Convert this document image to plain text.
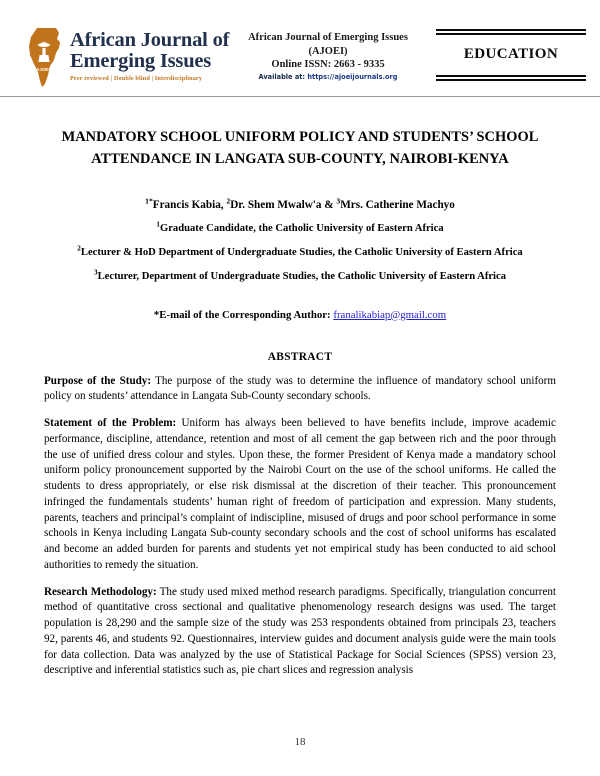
AJOEI
African Journal of
Emerging Issues
Peer reviewed | Double blind | Interdisciplinary
African Journal of Emerging Issues
(AJOEI)
Online ISSN: 2663 - 9335
Available at: https://ajoeijournals.org
EDUCATION
MANDATORY SCHOOL UNIFORM POLICY AND STUDENTS’ SCHOOL ATTENDANCE IN LANGATA SUB-COUNTY, NAIROBI-KENYA
$^{1*}$Francis Kabia, $^2$Dr. Shem Mwalw'a & $^3$Mrs. Catherine Machyo
$^1$Graduate Candidate, the Catholic University of Eastern Africa
$^2$Lecturer & HoD Department of Undergraduate Studies, the Catholic University of Eastern Africa
$^3$Lecturer, Department of Undergraduate Studies, the Catholic University of Eastern Africa
*E-mail of the Corresponding Author: franalikabiap@gmail.com
ABSTRACT
Purpose of the Study: The purpose of the study was to determine the influence of mandatory school uniform policy on students’ attendance in Langata Sub-County secondary schools.
Statement of the Problem: Uniform has always been believed to have benefits include, improve academic performance, discipline, attendance, retention and most of all cement the gap between rich and the poor through the use of unified dress colour and styles. Upon these, the former President of Kenya made a mandatory school uniform policy pronouncement supported by the Nairobi Court on the use of the school uniforms. He called the students to dress appropriately, or else risk dismissal at the discretion of their teacher. This pronouncement infringed the fundamentals students’ human right of freedom of participation and expression. Many students, parents, teachers and principal’s complaint of indiscipline, misused of drugs and poor school performance in some schools in Kenya including Langata Sub-county secondary schools and the cost of school uniforms has escalated and become an added burden for parents and students yet not empirical study has been conducted to aid school authorities to remedy the situation.
Research Methodology: The study used mixed method research paradigms. Specifically, triangulation concurrent method of quantitative cross sectional and qualitative phenomenology research designs was used. The target population is 28,290 and the sample size of the study was 253 respondents obtained from principals 23, teachers 92, parents 46, and students 92. Questionnaires, interview guides and document analysis guide were the main tools for data collection. Data was analyzed by the use of Statistical Package for Social Sciences (SPSS) version 23, descriptive and inferential statistics such as, pie chart slices and regression analysis
18
